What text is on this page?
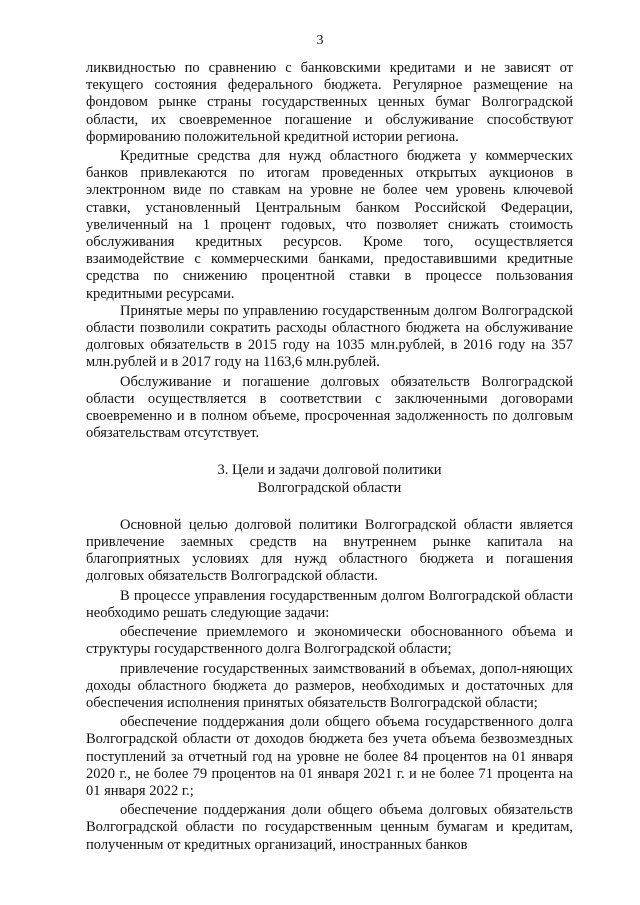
3

ликвидностью по сравнению с банковскими кредитами и не зависят от текущего состояния федерального бюджета. Регулярное размещение на фондовом рынке страны государственных ценных бумаг Волгоградской области, их своевременное погашение и обслуживание способствуют формированию положительной кредитной истории региона.

Кредитные средства для нужд областного бюджета у коммерческих банков привлекаются по итогам проведенных открытых аукционов в электронном виде по ставкам на уровне не более чем уровень ключевой ставки, установленный Центральным банком Российской Федерации, увеличенный на 1 процент годовых, что позволяет снижать стоимость обслуживания кредитных ресурсов. Кроме того, осуществляется взаимодействие с коммерческими банками, предоставившими кредитные средства по снижению процентной ставки в процессе пользования кредитными ресурсами.

Принятые меры по управлению государственным долгом Волгоградской области позволили сократить расходы областного бюджета на обслуживание долговых обязательств в 2015 году на 1035 млн.рублей, в 2016 году на 357 млн.рублей и в 2017 году на 1163,6 млн.рублей.

Обслуживание и погашение долговых обязательств Волгоградской области осуществляется в соответствии с заключенными договорами своевременно и в полном объеме, просроченная задолженность по долговым обязательствам отсутствует.

3. Цели и задачи долговой политики
Волгоградской области

Основной целью долговой политики Волгоградской области является привлечение заемных средств на внутреннем рынке капитала на благоприятных условиях для нужд областного бюджета и погашения долговых обязательств Волгоградской области.

В процессе управления государственным долгом Волгоградской области необходимо решать следующие задачи:

обеспечение приемлемого и экономически обоснованного объема и структуры государственного долга Волгоградской области;

привлечение государственных заимствований в объемах, допол-няющих доходы областного бюджета до размеров, необходимых и достаточных для обеспечения исполнения принятых обязательств Волгоградской области;

обеспечение поддержания доли общего объема государственного долга Волгоградской области от доходов бюджета без учета объема безвозмездных поступлений за отчетный год на уровне не более 84 процентов на 01 января 2020 г., не более 79 процентов на 01 января 2021 г. и не более 71 процента на 01 января 2022 г.;

обеспечение поддержания доли общего объема долговых обязательств Волгоградской области по государственным ценным бумагам и кредитам, полученным от кредитных организаций, иностранных банков
